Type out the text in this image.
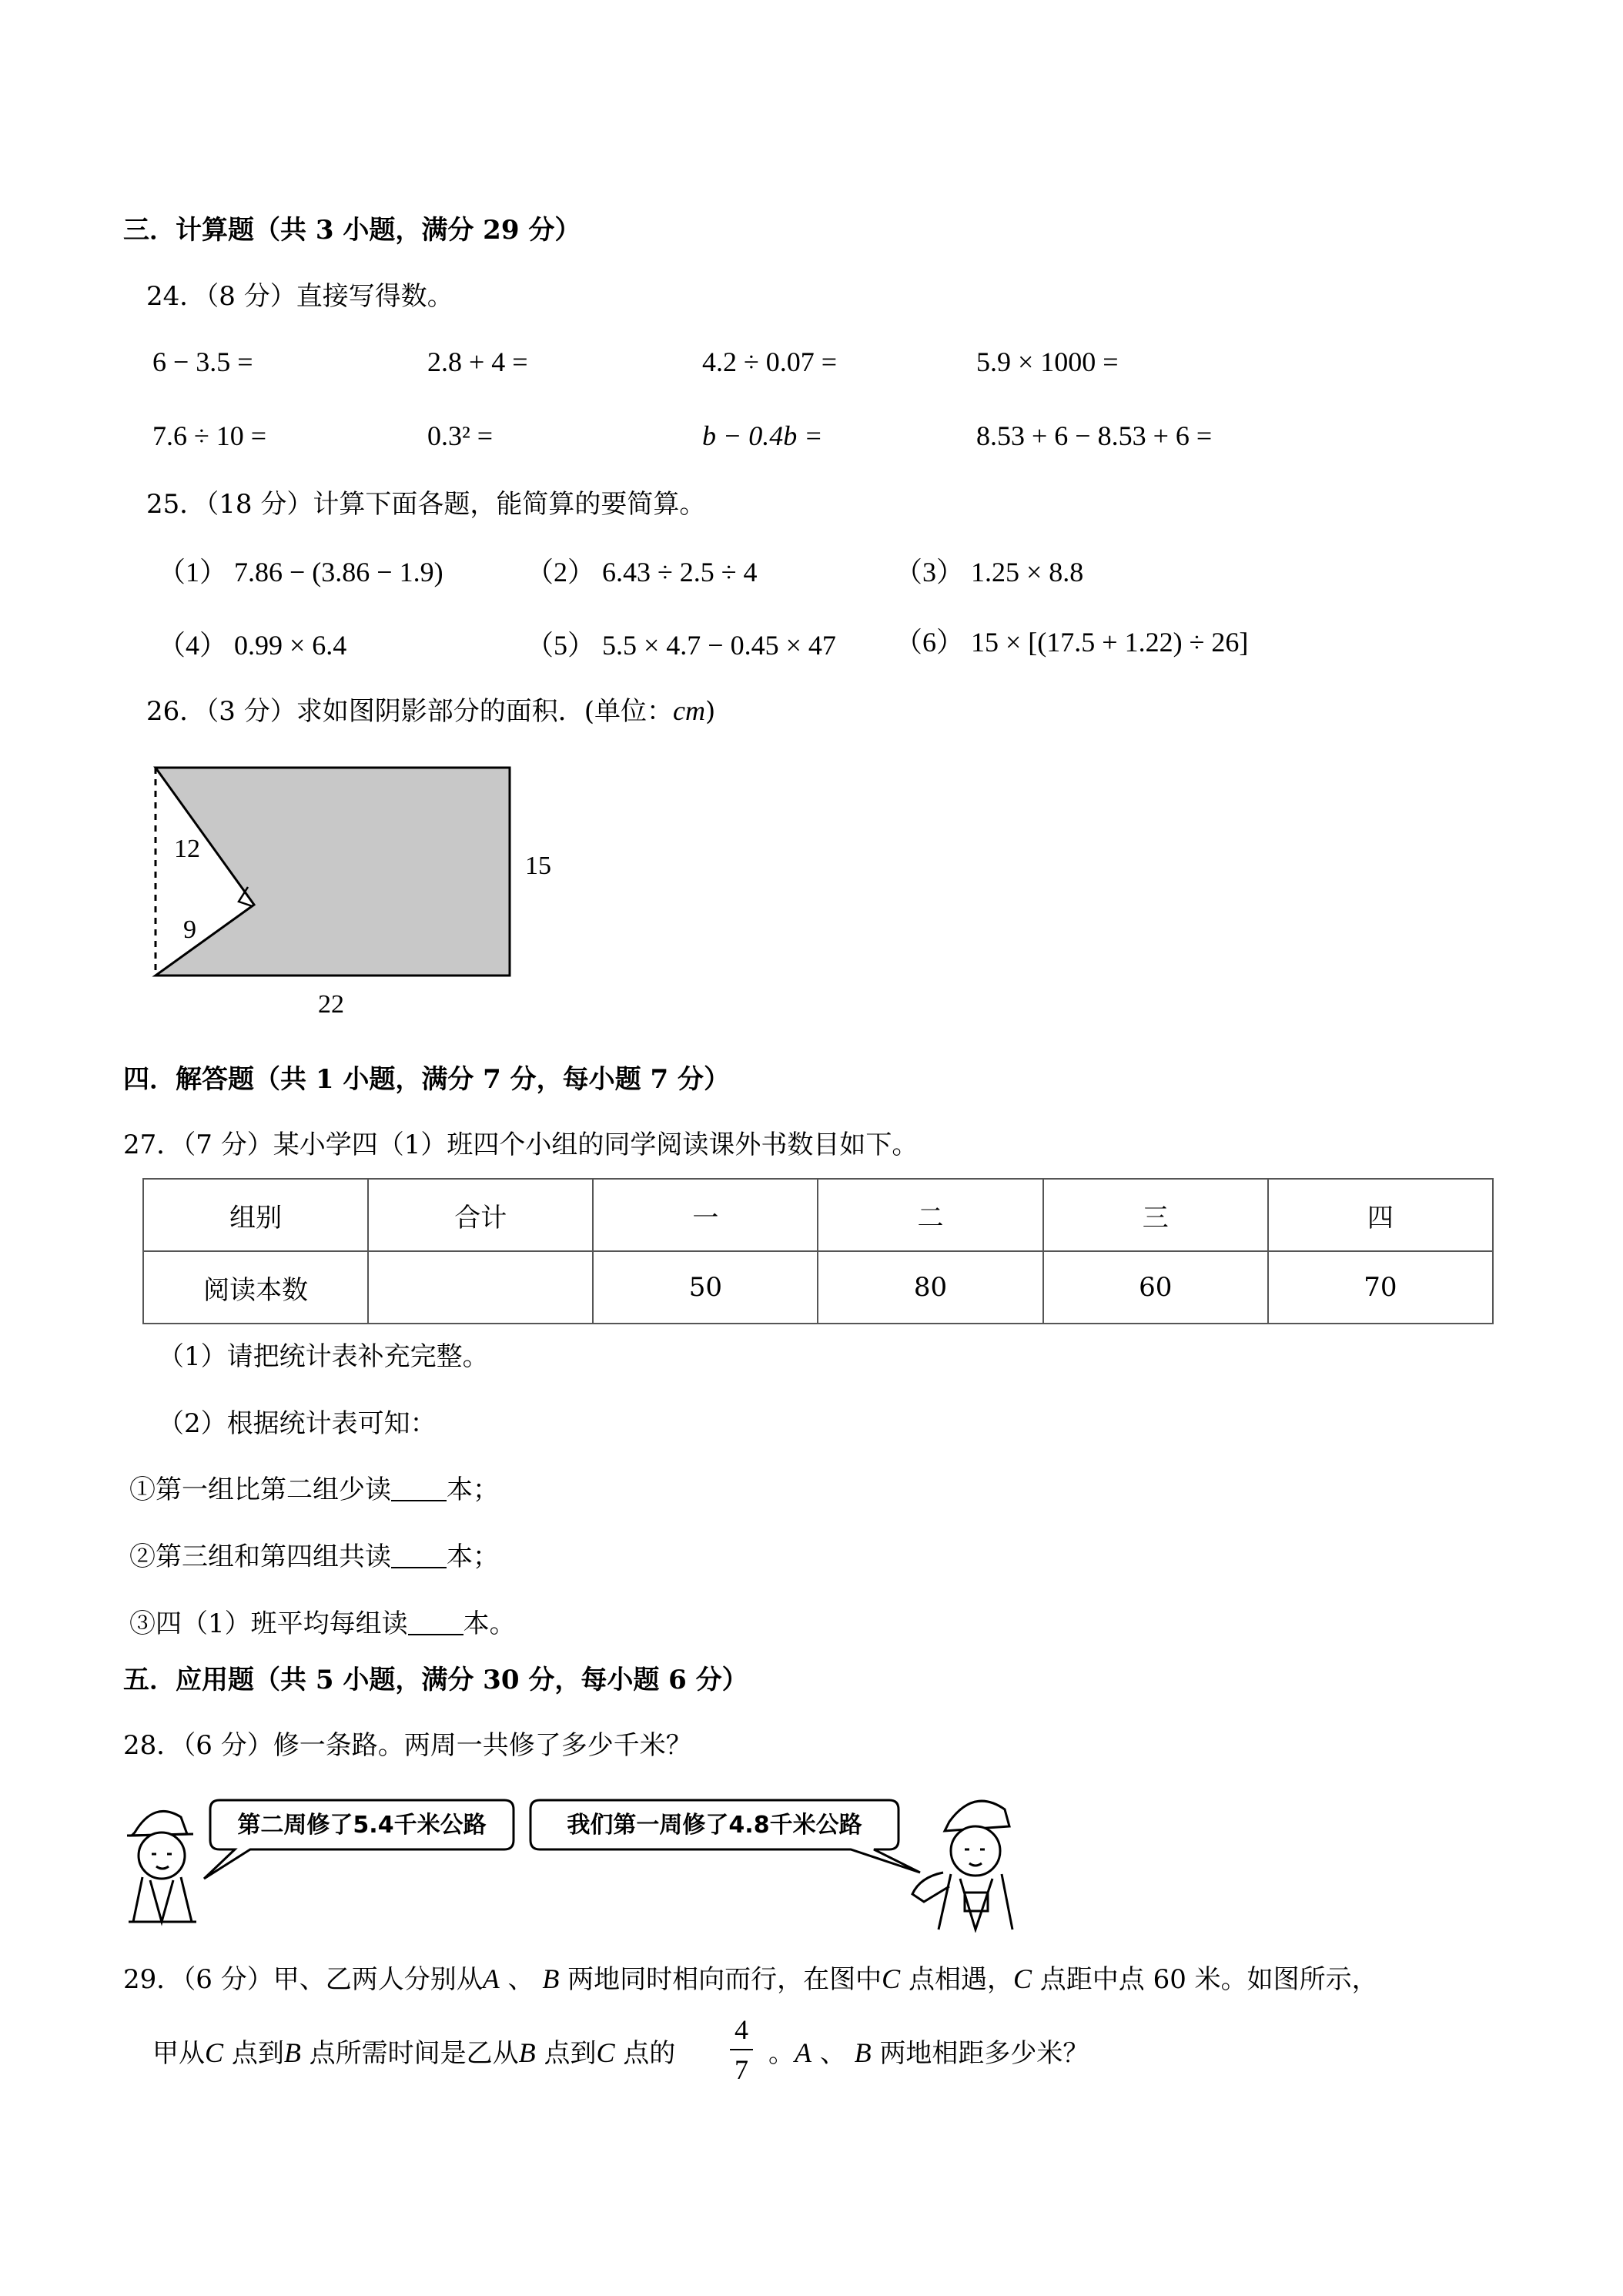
三．计算题（共 3 小题，满分 29 分）
24．（8 分）直接写得数。
6 − 3.5 =	2.8 + 4 =	4.2 ÷ 0.07 =	5.9 × 1000 =
7.6 ÷ 10 =	0.3² =	b − 0.4b =	8.53 + 6 − 8.53 + 6 =
25．（18 分）计算下面各题，能简算的要简算。
（1） 7.86 − (3.86 − 1.9)	（2） 6.43 ÷ 2.5 ÷ 4	（3） 1.25 × 8.8
（4） 0.99 × 6.4	（5） 5.5 × 4.7 − 0.45 × 47 （6） 15 × [(17.5 + 1.22) ÷ 26]
26．（3 分）求如图阴影部分的面积．(单位：cm)
12
9
15
22
四．解答题（共 1 小题，满分 7 分，每小题 7 分）
27．（7 分）某小学四（1）班四个小组的同学阅读课外书数目如下。
组别	合计	一	二	三	四
阅读本数		50	80	60	70
（1）请把统计表补充完整。
（2）根据统计表可知：
①第一组比第二组少读 本；
②第三组和第四组共读 本；
③四（1）班平均每组读 本。
五．应用题（共 5 小题，满分 30 分，每小题 6 分）
28．（6 分）修一条路。两周一共修了多少千米？
第二周修了5.4千米公路	我们第一周修了4.8千米公路
29．（6 分）甲、乙两人分别从A 、 B 两地同时相向而行，在图中C 点相遇，C 点距中点 60 米。如图所示，
甲从C 点到B 点所需时间是乙从B 点到C 点的
4
7
。A 、 B 两地相距多少米？
